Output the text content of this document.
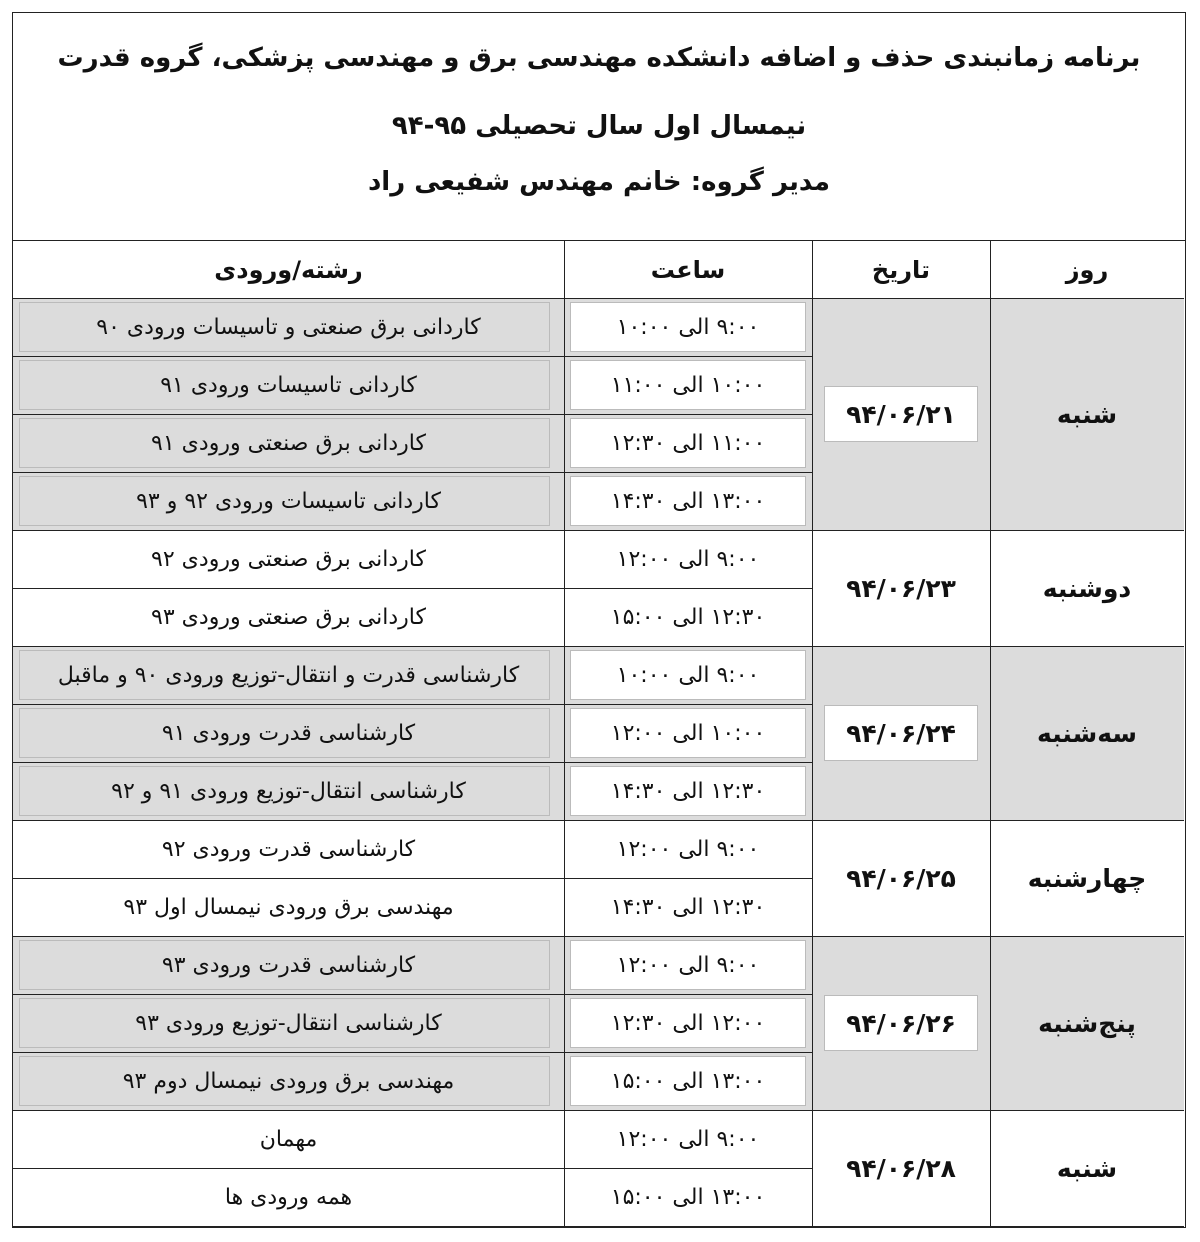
برنامه زمانبندی حذف و اضافه دانشکده مهندسی برق و مهندسی پزشکی، گروه قدرت
نیمسال اول سال تحصیلی ۹۵-۹۴
مدیر گروه: خانم مهندس شفیعی راد
روز
تاریخ
ساعت
رشته/ورودی
شنبه
۹۴/۰۶/۲۱
۹:۰۰ الی ۱۰:۰۰
کاردانی برق صنعتی و تاسیسات ورودی ۹۰
۱۰:۰۰ الی ۱۱:۰۰
کاردانی تاسیسات ورودی ۹۱
۱۱:۰۰ الی ۱۲:۳۰
کاردانی برق صنعتی ورودی ۹۱
۱۳:۰۰ الی ۱۴:۳۰
کاردانی تاسیسات ورودی ۹۲ و ۹۳
دوشنبه
۹۴/۰۶/۲۳
۹:۰۰ الی ۱۲:۰۰
کاردانی برق صنعتی ورودی ۹۲
۱۲:۳۰ الی ۱۵:۰۰
کاردانی برق صنعتی ورودی ۹۳
سه‌شنبه
۹۴/۰۶/۲۴
۹:۰۰ الی ۱۰:۰۰
کارشناسی قدرت و انتقال-توزیع ورودی ۹۰ و ماقبل
۱۰:۰۰ الی ۱۲:۰۰
کارشناسی قدرت ورودی ۹۱
۱۲:۳۰ الی ۱۴:۳۰
کارشناسی انتقال-توزیع ورودی ۹۱ و ۹۲
چهارشنبه
۹۴/۰۶/۲۵
۹:۰۰ الی ۱۲:۰۰
کارشناسی قدرت ورودی ۹۲
۱۲:۳۰ الی ۱۴:۳۰
مهندسی برق ورودی نیمسال اول ۹۳
پنج‌شنبه
۹۴/۰۶/۲۶
۹:۰۰ الی ۱۲:۰۰
کارشناسی قدرت ورودی ۹۳
۱۲:۰۰ الی ۱۲:۳۰
کارشناسی انتقال-توزیع ورودی ۹۳
۱۳:۰۰ الی ۱۵:۰۰
مهندسی برق ورودی نیمسال دوم ۹۳
شنبه
۹۴/۰۶/۲۸
۹:۰۰ الی ۱۲:۰۰
مهمان
۱۳:۰۰ الی ۱۵:۰۰
همه ورودی ها
